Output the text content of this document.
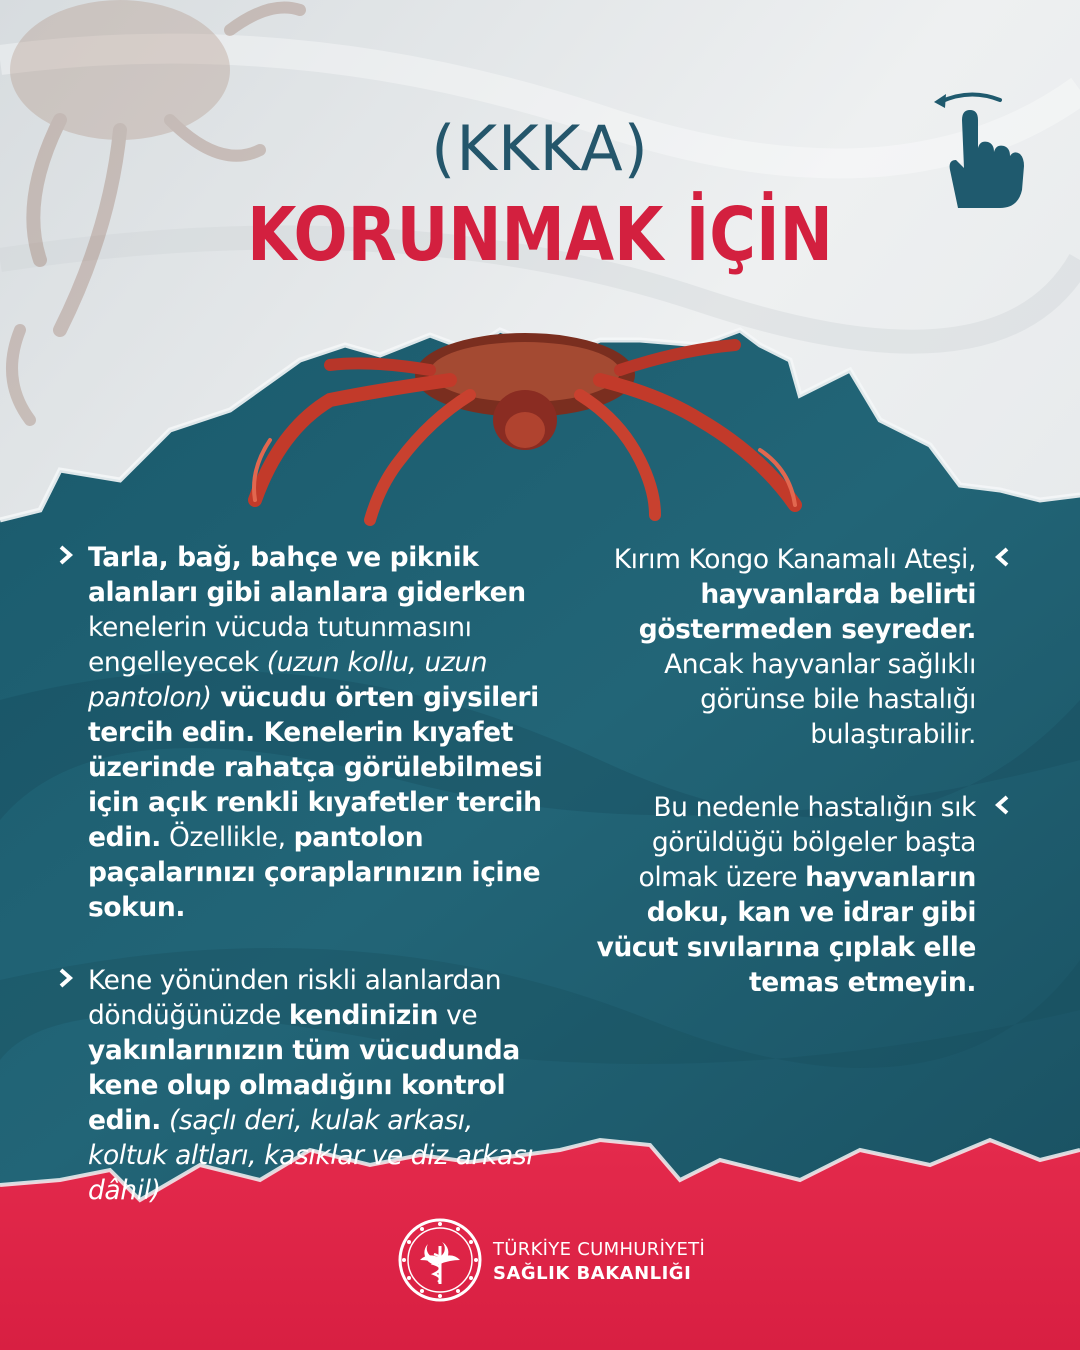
(KKKA)
KORUNMAK İÇİN
Tarla, bağ, bahçe ve piknik alanları gibi alanlara giderken kenelerin vücuda tutunmasını engelleyecek (uzun kollu, uzun pantolon) vücudu örten giysileri tercih edin. Kenelerin kıyafet üzerinde rahatça görülebilmesi için açık renkli kıyafetler tercih edin. Özellikle, pantolon paçalarınızı çoraplarınızın içine sokun.
Kene yönünden riskli alanlardan döndüğünüzde kendinizin ve yakınlarınızın tüm vücudunda kene olup olmadığını kontrol edin. (saçlı deri, kulak arkası, koltuk altları, kasıklar ve diz arkası dâhil)
Kırım Kongo Kanamalı Ateşi, hayvanlarda belirti göstermeden seyreder. Ancak hayvanlar sağlıklı görünse bile hastalığı bulaştırabilir.
Bu nedenle hastalığın sık görüldüğü bölgeler başta olmak üzere hayvanların doku, kan ve idrar gibi vücut sıvılarına çıplak elle temas etmeyin.
TÜRKİYE CUMHURİYETİ
SAĞLIK BAKANLIĞI
